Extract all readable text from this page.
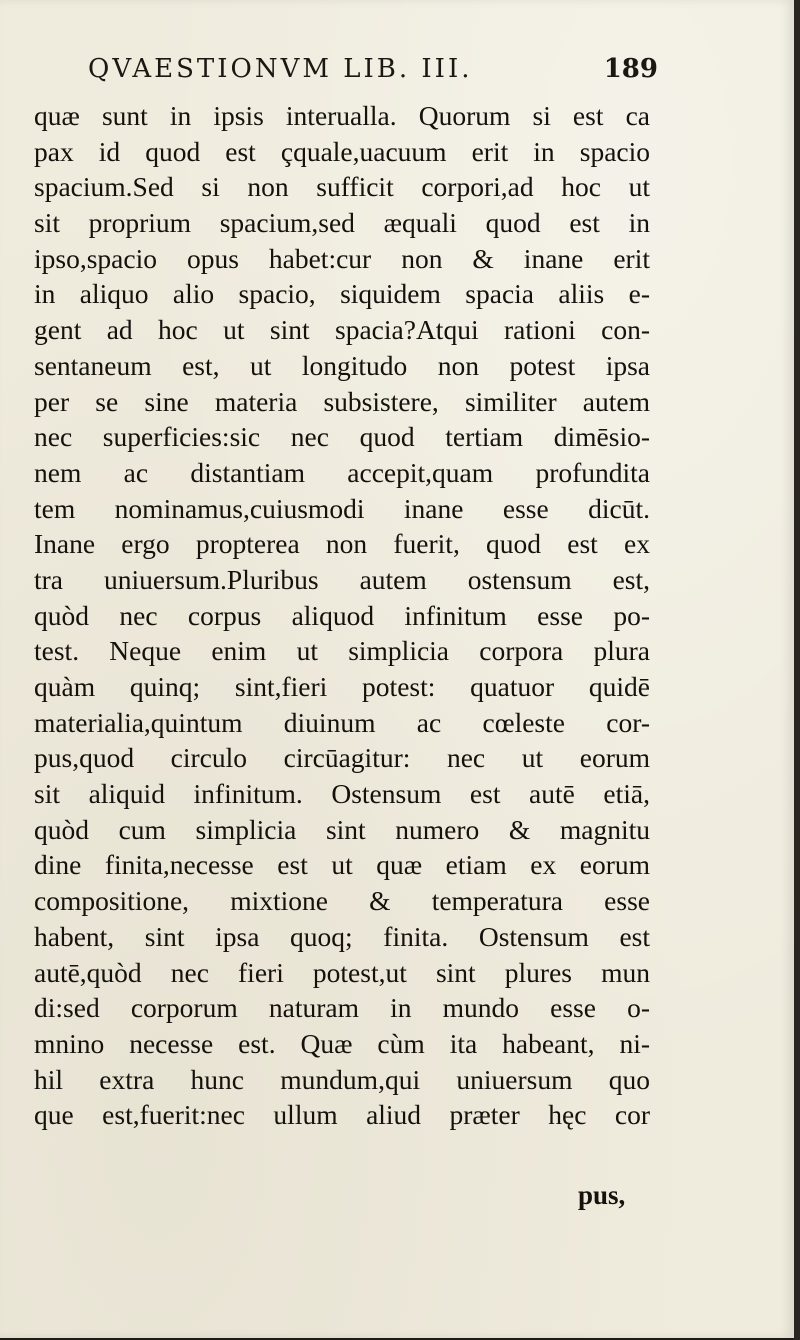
QVAESTIONVM LIB. III.	189
quæ sunt in ipsis interualla. Quorum si est ca
pax id quod est çquale,uacuum erit in spacio
spacium.Sed si non sufficit corpori,ad hoc ut
sit proprium spacium,sed æquali quod est in
ipso,spacio opus habet:cur non & inane erit
in aliquo alio spacio, siquidem spacia aliis e-
gent ad hoc ut sint spacia?Atqui rationi con-
sentaneum est, ut longitudo non potest ipsa
per se sine materia subsistere, similiter autem
nec superficies:sic nec quod tertiam dimēsio-
nem ac distantiam accepit,quam profundita
tem nominamus,cuiusmodi inane esse dicūt.
Inane ergo propterea non fuerit, quod est ex
tra uniuersum.Pluribus autem ostensum est,
quòd nec corpus aliquod infinitum esse po-
test. Neque enim ut simplicia corpora plura
quàm quinq; sint,fieri potest: quatuor quidē
materialia,quintum diuinum ac cœleste cor-
pus,quod circulo circūagitur: nec ut eorum
sit aliquid infinitum. Ostensum est autē etiā,
quòd cum simplicia sint numero & magnitu
dine finita,necesse est ut quæ etiam ex eorum
compositione, mixtione & temperatura esse
habent, sint ipsa quoq; finita. Ostensum est
autē,quòd nec fieri potest,ut sint plures mun
di:sed corporum naturam in mundo esse o-
mnino necesse est. Quæ cùm ita habeant, ni-
hil extra hunc mundum,qui uniuersum quo
que est,fuerit:nec ullum aliud præter hęc cor
pus,
